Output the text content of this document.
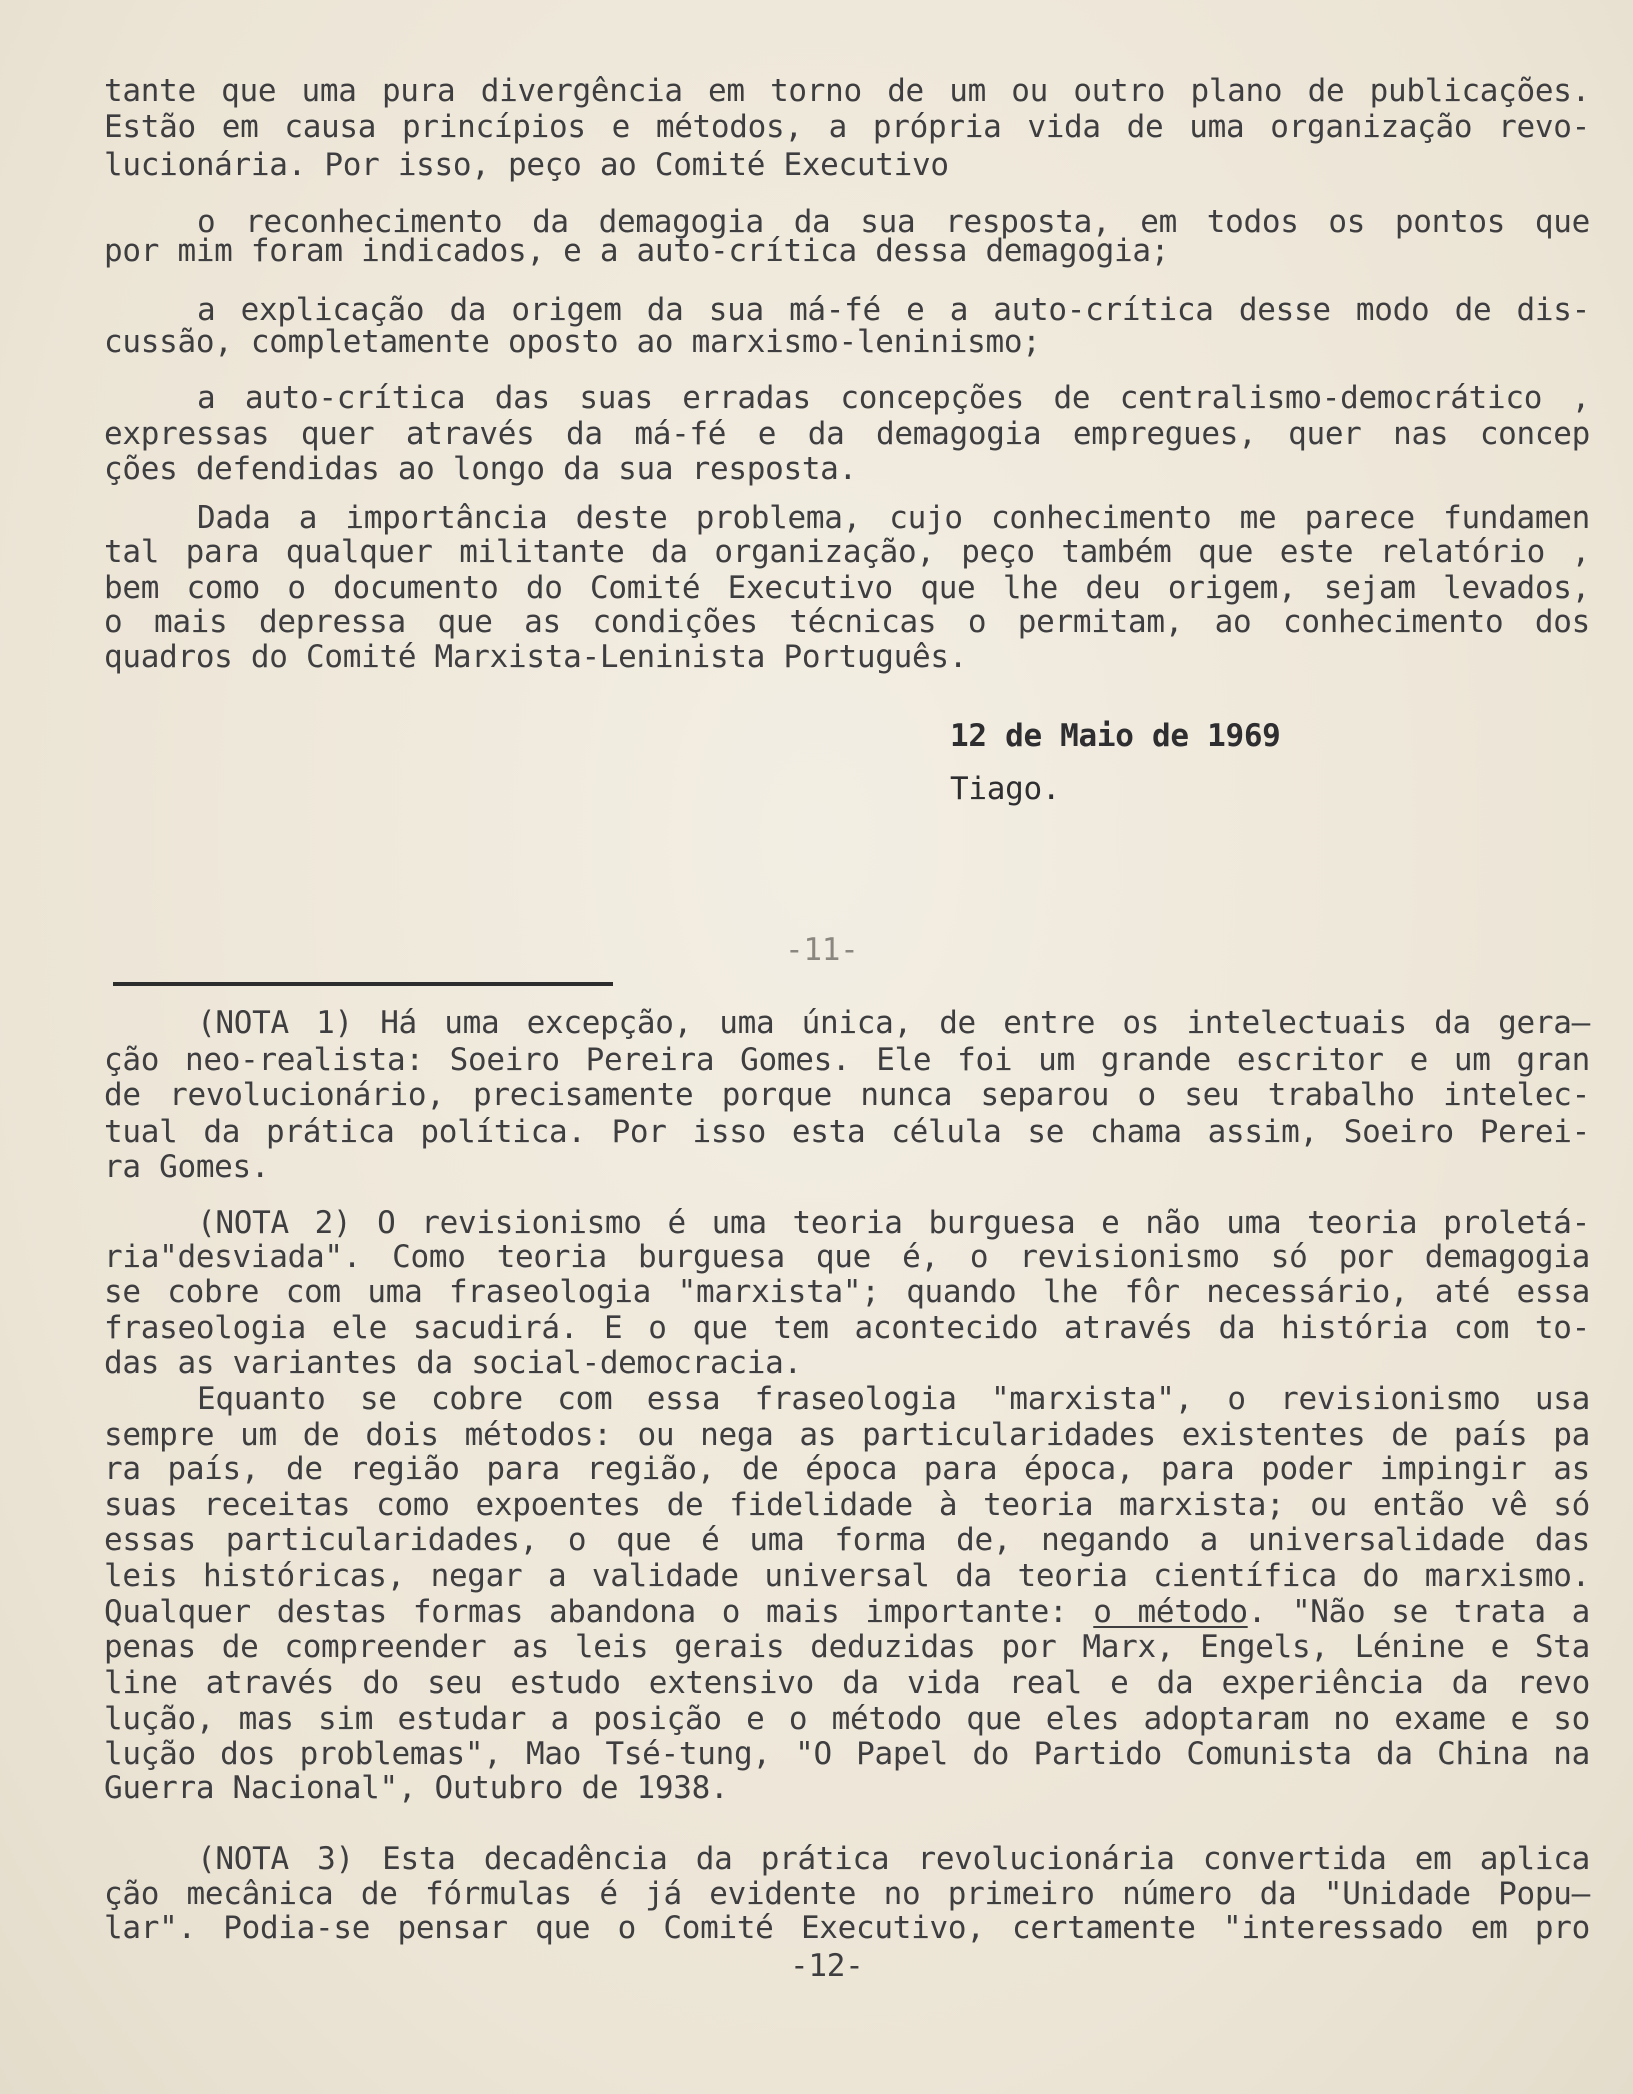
tante que uma pura divergência em torno de um ou outro plano de publicações.
Estão em causa princípios e métodos, a própria vida de uma organização revo-
lucionária. Por isso, peço ao Comité Executivo
o reconhecimento da demagogia da sua resposta, em todos os pontos que
por mim foram indicados, e a auto-crítica dessa demagogia;
a explicação da origem da sua má-fé e a auto-crítica desse modo de dis-
cussão, completamente oposto ao marxismo-leninismo;
a auto-crítica das suas erradas concepções de centralismo-democrático ,
expressas quer através da má-fé e da demagogia empregues, quer nas concep
ções defendidas ao longo da sua resposta.
Dada a importância deste problema, cujo conhecimento me parece fundamen
tal para qualquer militante da organização, peço também que este relatório ,
bem como o documento do Comité Executivo que lhe deu origem, sejam levados,
o mais depressa que as condições técnicas o permitam, ao conhecimento dos
quadros do Comité Marxista-Leninista Português.
12 de Maio de 1969
Tiago.
-11-
(NOTA 1) Há uma excepção, uma única, de entre os intelectuais da gera—
ção neo-realista: Soeiro Pereira Gomes. Ele foi um grande escritor e um gran
de revolucionário, precisamente porque nunca separou o seu trabalho intelec-
tual da prática política. Por isso esta célula se chama assim, Soeiro Perei-
ra Gomes.
(NOTA 2) O revisionismo é uma teoria burguesa e não uma teoria proletá-
ria"desviada". Como teoria burguesa que é, o revisionismo só por demagogia
se cobre com uma fraseologia "marxista"; quando lhe fôr necessário, até essa
fraseologia ele sacudirá. E o que tem acontecido através da história com to-
das as variantes da social-democracia.
Equanto se cobre com essa fraseologia "marxista", o revisionismo usa
sempre um de dois métodos: ou nega as particularidades existentes de país pa
ra país, de região para região, de época para época, para poder impingir as
suas receitas como expoentes de fidelidade à teoria marxista; ou então vê só
essas particularidades, o que é uma forma de, negando a universalidade das
leis históricas, negar a validade universal da teoria científica do marxismo.
Qualquer destas formas abandona o mais importante: o método. "Não se trata a
penas de compreender as leis gerais deduzidas por Marx, Engels, Lénine e Sta
line através do seu estudo extensivo da vida real e da experiência da revo
lução, mas sim estudar a posição e o método que eles adoptaram no exame e so
lução dos problemas", Mao Tsé-tung, "O Papel do Partido Comunista da China na
Guerra Nacional", Outubro de 1938.
(NOTA 3) Esta decadência da prática revolucionária convertida em aplica
ção mecânica de fórmulas é já evidente no primeiro número da "Unidade Popu—
lar". Podia-se pensar que o Comité Executivo, certamente "interessado em pro
-12-
